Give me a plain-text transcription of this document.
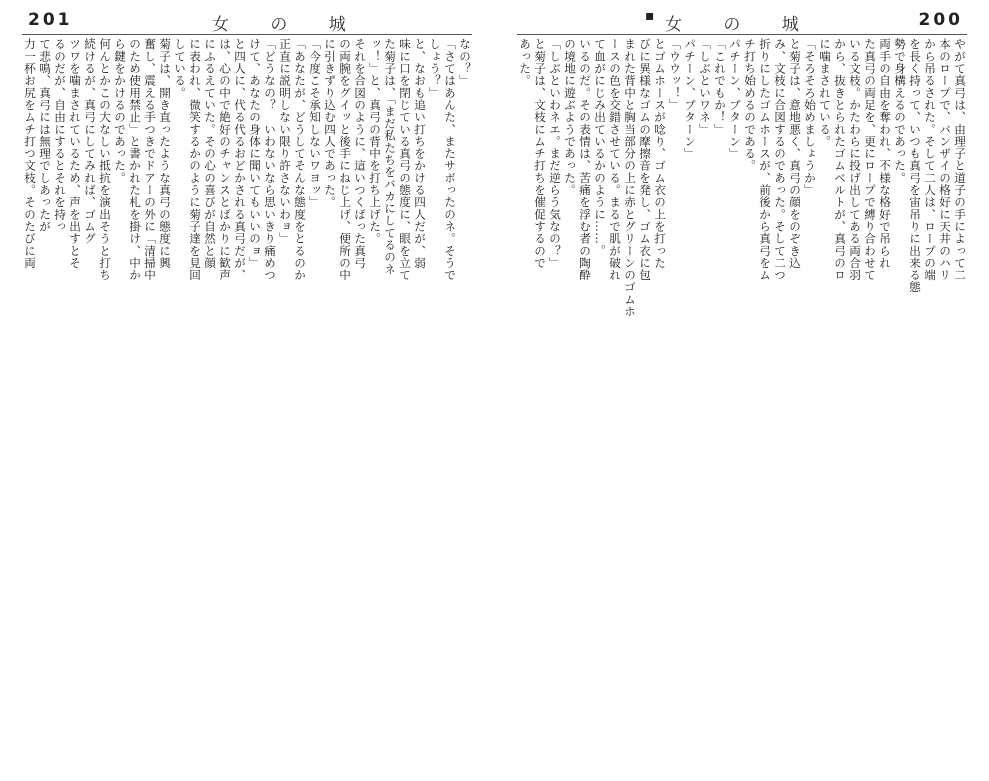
201	女 の 城
なの？」
「さてはあんた、またサボったのネ。そうで
しょう？」
と、なおも追い打ちをかける四人だが、弱
味に口を閉じている真弓の態度に、眼を立て
た菊子は、「まだ私たちをバカにしてるのネ
ッ！」と、真弓の背中を打ち上げた。
それを合図のように、這いつくばった真弓
の両腕をグイッと後手にねじ上げ、便所の中
に引きずり込む四人であった。
「今度こそ承知しないワヨッ」
「あなたが、どうしてそんな態度をとるのか
正直に説明しない限り許さないわョ」
「どうなの？　いわないなら思いきり痛めつ
けて、あなたの身体に聞いてもいいのョ」
と四人に、代る代るおどかされる真弓だが、
は、心の中で絶好のチャンスとばかりに歓声
にふるえていた。その心の喜びが自然と顔
に表われ、微笑するかのように菊子達を見回
している。
菊子は、開き直ったような真弓の態度に興
奮し、震える手つきでドアーの外に「清掃中
のため使用禁止」と書かれた札を掛け、中か
ら鍵をかけるのであった。
何んとかこの大なしい抵抗を演出そうと打ち
続けるが、真弓にしてみれば、ゴムグ
ツワを噛まされているため、声を出すとそ
るのだが、自由にするとそれを持っ
て悲鳴、真弓には無理でしあったが
力一杯お尻をムチ打つ文枝。そのたびに両
▪ 女 の 城	200
やがて真弓は、由理子と道子の手によって二
本のロープで、バンザイの格好に天井のハリ
から吊るされた。そして二人は、ロープの端
を長く持って、いつも真弓を宙吊りに出来る態
勢で身構えるのであった。
両手の自由を奪われ、不様な格好で吊られ
た真弓の両足を、更にロープで縛り合わせて
いる文枝。かたわらに投げ出してある両合羽
から、抜きとられたゴムベルトが、真弓のロ
に噛まされている。
「そろそろ始めましょうか」
と菊子は、意地悪く、真弓の顔をのぞき込
み、文枝に合図するのであった。そして二つ
折りにしたゴムホースが、前後から真弓をム
チ打ち始めるのである。
パチーン、ブターン」
「これでもか！」
「しぶといワネ」
パチーン、ブターン」
「ウウッ！」
とゴムホースが唸り、ゴム衣の上を打った
びに異様なゴムの摩擦音を発し、ゴム衣に包
まれた背中と胸当部分の上に赤とグリーンのゴムホ
ースの色を交錯させている。まるで肌が破れ
て血がにじみ出ているかのように……。
いるのだ。その表情は、苦痛を浮む者の陶酔
の境地に遊ぶようであった。
「しぶといわネエ。まだ逆らう気なの？」
と菊子は、文枝にムチ打ちを催促するので
あった。
